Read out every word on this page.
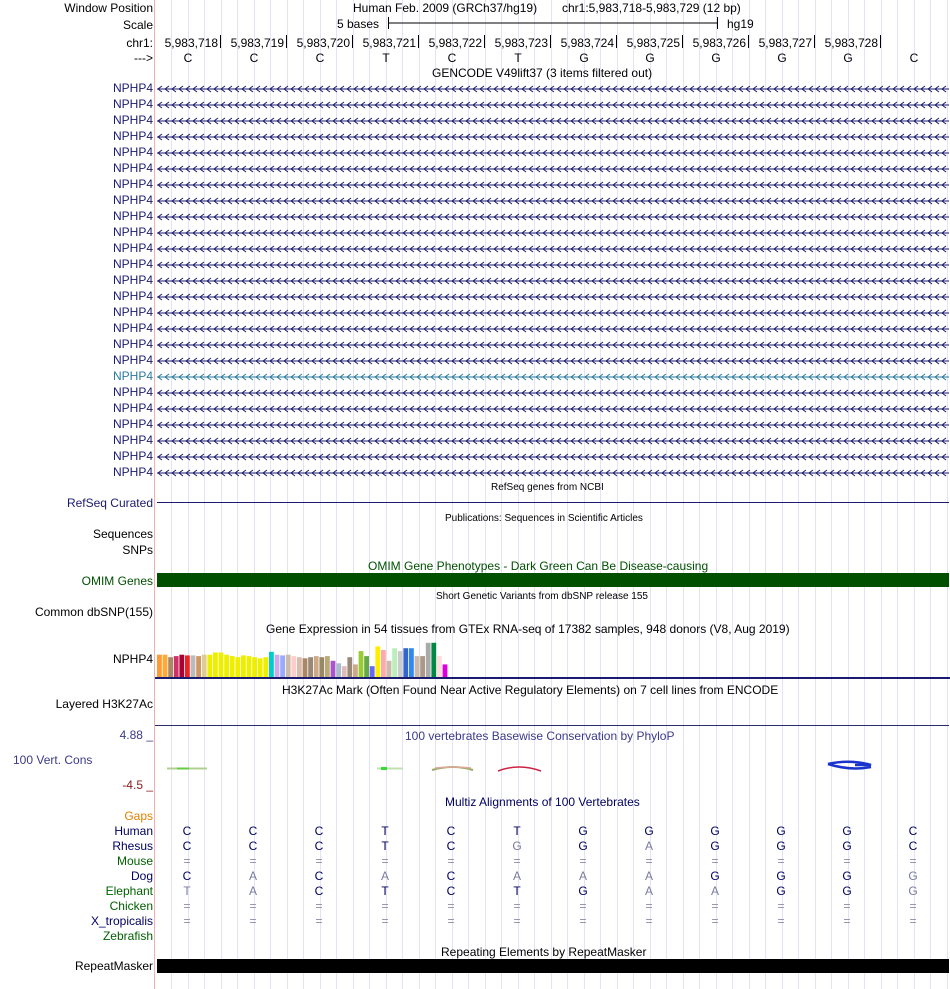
Window Position	Human Feb. 2009 (GRCh37/hg19) chr1:5,983,718-5,983,729 (12 bp)
Scale	5 bases	hg19
chr1: 5,983,718	5,983,719	5,983,720	5,983,721	5,983,722	5,983,723	5,983,724	5,983,725	5,983,726	5,983,727	5,983,728
--->	C	C	C	T	C	T	G	G	G	G	G	C
GENCODE V49lift37 (3 items filtered out)
NPHP4
NPHP4
NPHP4
NPHP4
NPHP4
NPHP4
NPHP4
NPHP4
NPHP4
NPHP4
NPHP4
NPHP4
NPHP4
NPHP4
NPHP4
NPHP4
NPHP4
NPHP4
NPHP4
NPHP4
NPHP4
NPHP4
NPHP4
NPHP4
NPHP4
RefSeq genes from NCBI
RefSeq Curated
Publications: Sequences in Scientific Articles
Sequences
SNPs
OMIM Gene Phenotypes - Dark Green Can Be Disease-causing
OMIM Genes
Short Genetic Variants from dbSNP release 155
Common dbSNP(155)
Gene Expression in 54 tissues from GTEx RNA-seq of 17382 samples, 948 donors (V8, Aug 2019)
NPHP4
H3K27Ac Mark (Often Found Near Active Regulatory Elements) on 7 cell lines from ENCODE
Layered H3K27Ac
100 vertebrates Basewise Conservation by PhyloP
4.88 _
100 Vert. Cons
-4.5 _
Multiz Alignments of 100 Vertebrates
Gaps
Human	C	C	C	T	C	T	G	G	G	G	G	C
Rhesus	C	C	C	T	C	G	G	A	G	G	G	C
Mouse	=	=	=	=	=	=	=	=	=	=	=	=
Dog	C	A	C	A	C	A	A	A	G	G	G	G
Elephant	T	A	C	T	C	T	G	A	A	G	G	G
Chicken	=	=	=	=	=	=	=	=	=	=	=	=
X_tropicalis	=	=	=	=	=	=	=	=	=	=	=	=
Zebrafish
Repeating Elements by RepeatMasker
RepeatMasker
